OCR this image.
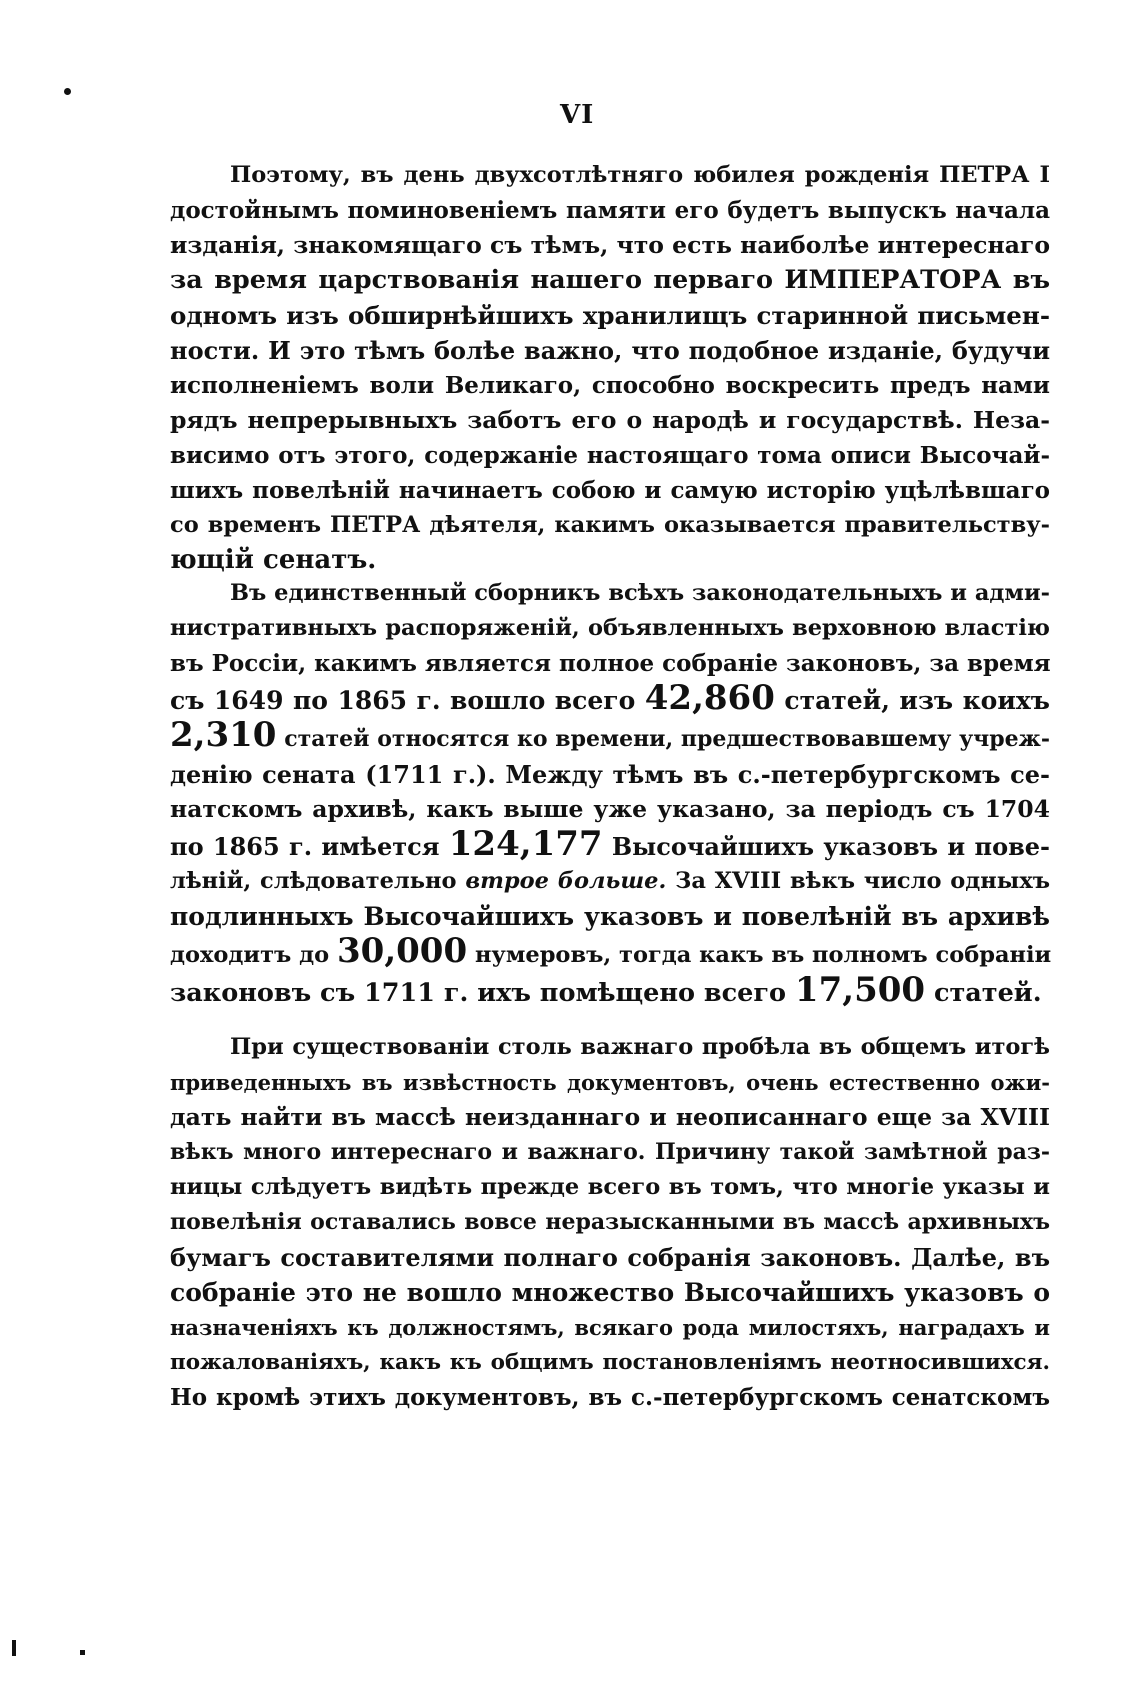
VI
Поэтому, въ день двухсотлѣтняго юбилея рожденія ПЕТРА I
достойнымъ поминовеніемъ памяти его будетъ выпускъ начала
изданія, знакомящаго съ тѣмъ, что есть наиболѣе интереснаго
за время царствованія нашего перваго ИМПЕРАТОРА въ
одномъ изъ обширнѣйшихъ хранилищъ старинной письмен-
ности. И это тѣмъ болѣе важно, что подобное изданіе, будучи
исполненіемъ воли Великаго, способно воскресить предъ нами
рядъ непрерывныхъ заботъ его о народѣ и государствѣ. Неза-
висимо отъ этого, содержаніе настоящаго тома описи Высочай-
шихъ повелѣній начинаетъ собою и самую исторію уцѣлѣвшаго
со временъ ПЕТРА дѣятеля, какимъ оказывается правительству-
ющій сенатъ.
Въ единственный сборникъ всѣхъ законодательныхъ и адми-
нистративныхъ распоряженій, объявленныхъ верховною властію
въ Россіи, какимъ является полное собраніе законовъ, за время
съ 1649 по 1865 г. вошло всего 42,860 статей, изъ коихъ
2,310 статей относятся ко времени, предшествовавшему учреж-
денію сената (1711 г.). Между тѣмъ въ с.-петербургскомъ се-
натскомъ архивѣ, какъ выше уже указано, за періодъ съ 1704
по 1865 г. имѣется 124,177 Высочайшихъ указовъ и пове-
лѣній, слѣдовательно втрое больше. За XVIII вѣкъ число одныхъ
подлинныхъ Высочайшихъ указовъ и повелѣній въ архивѣ
доходитъ до 30,000 нумеровъ, тогда какъ въ полномъ собраніи
законовъ съ 1711 г. ихъ помѣщено всего 17,500 статей.
При существованіи столь важнаго пробѣла въ общемъ итогѣ
приведенныхъ въ извѣстность документовъ, очень естественно ожи-
дать найти въ массѣ неизданнаго и неописаннаго еще за XVIII
вѣкъ много интереснаго и важнаго. Причину такой замѣтной раз-
ницы слѣдуетъ видѣть прежде всего въ томъ, что многіе указы и
повелѣнія оставались вовсе неразысканными въ массѣ архивныхъ
бумагъ составителями полнаго собранія законовъ. Далѣе, въ
собраніе это не вошло множество Высочайшихъ указовъ о
назначеніяхъ къ должностямъ, всякаго рода милостяхъ, наградахъ и
пожалованіяхъ, какъ къ общимъ постановленіямъ неотносившихся.
Но кромѣ этихъ документовъ, въ с.-петербургскомъ сенатскомъ
